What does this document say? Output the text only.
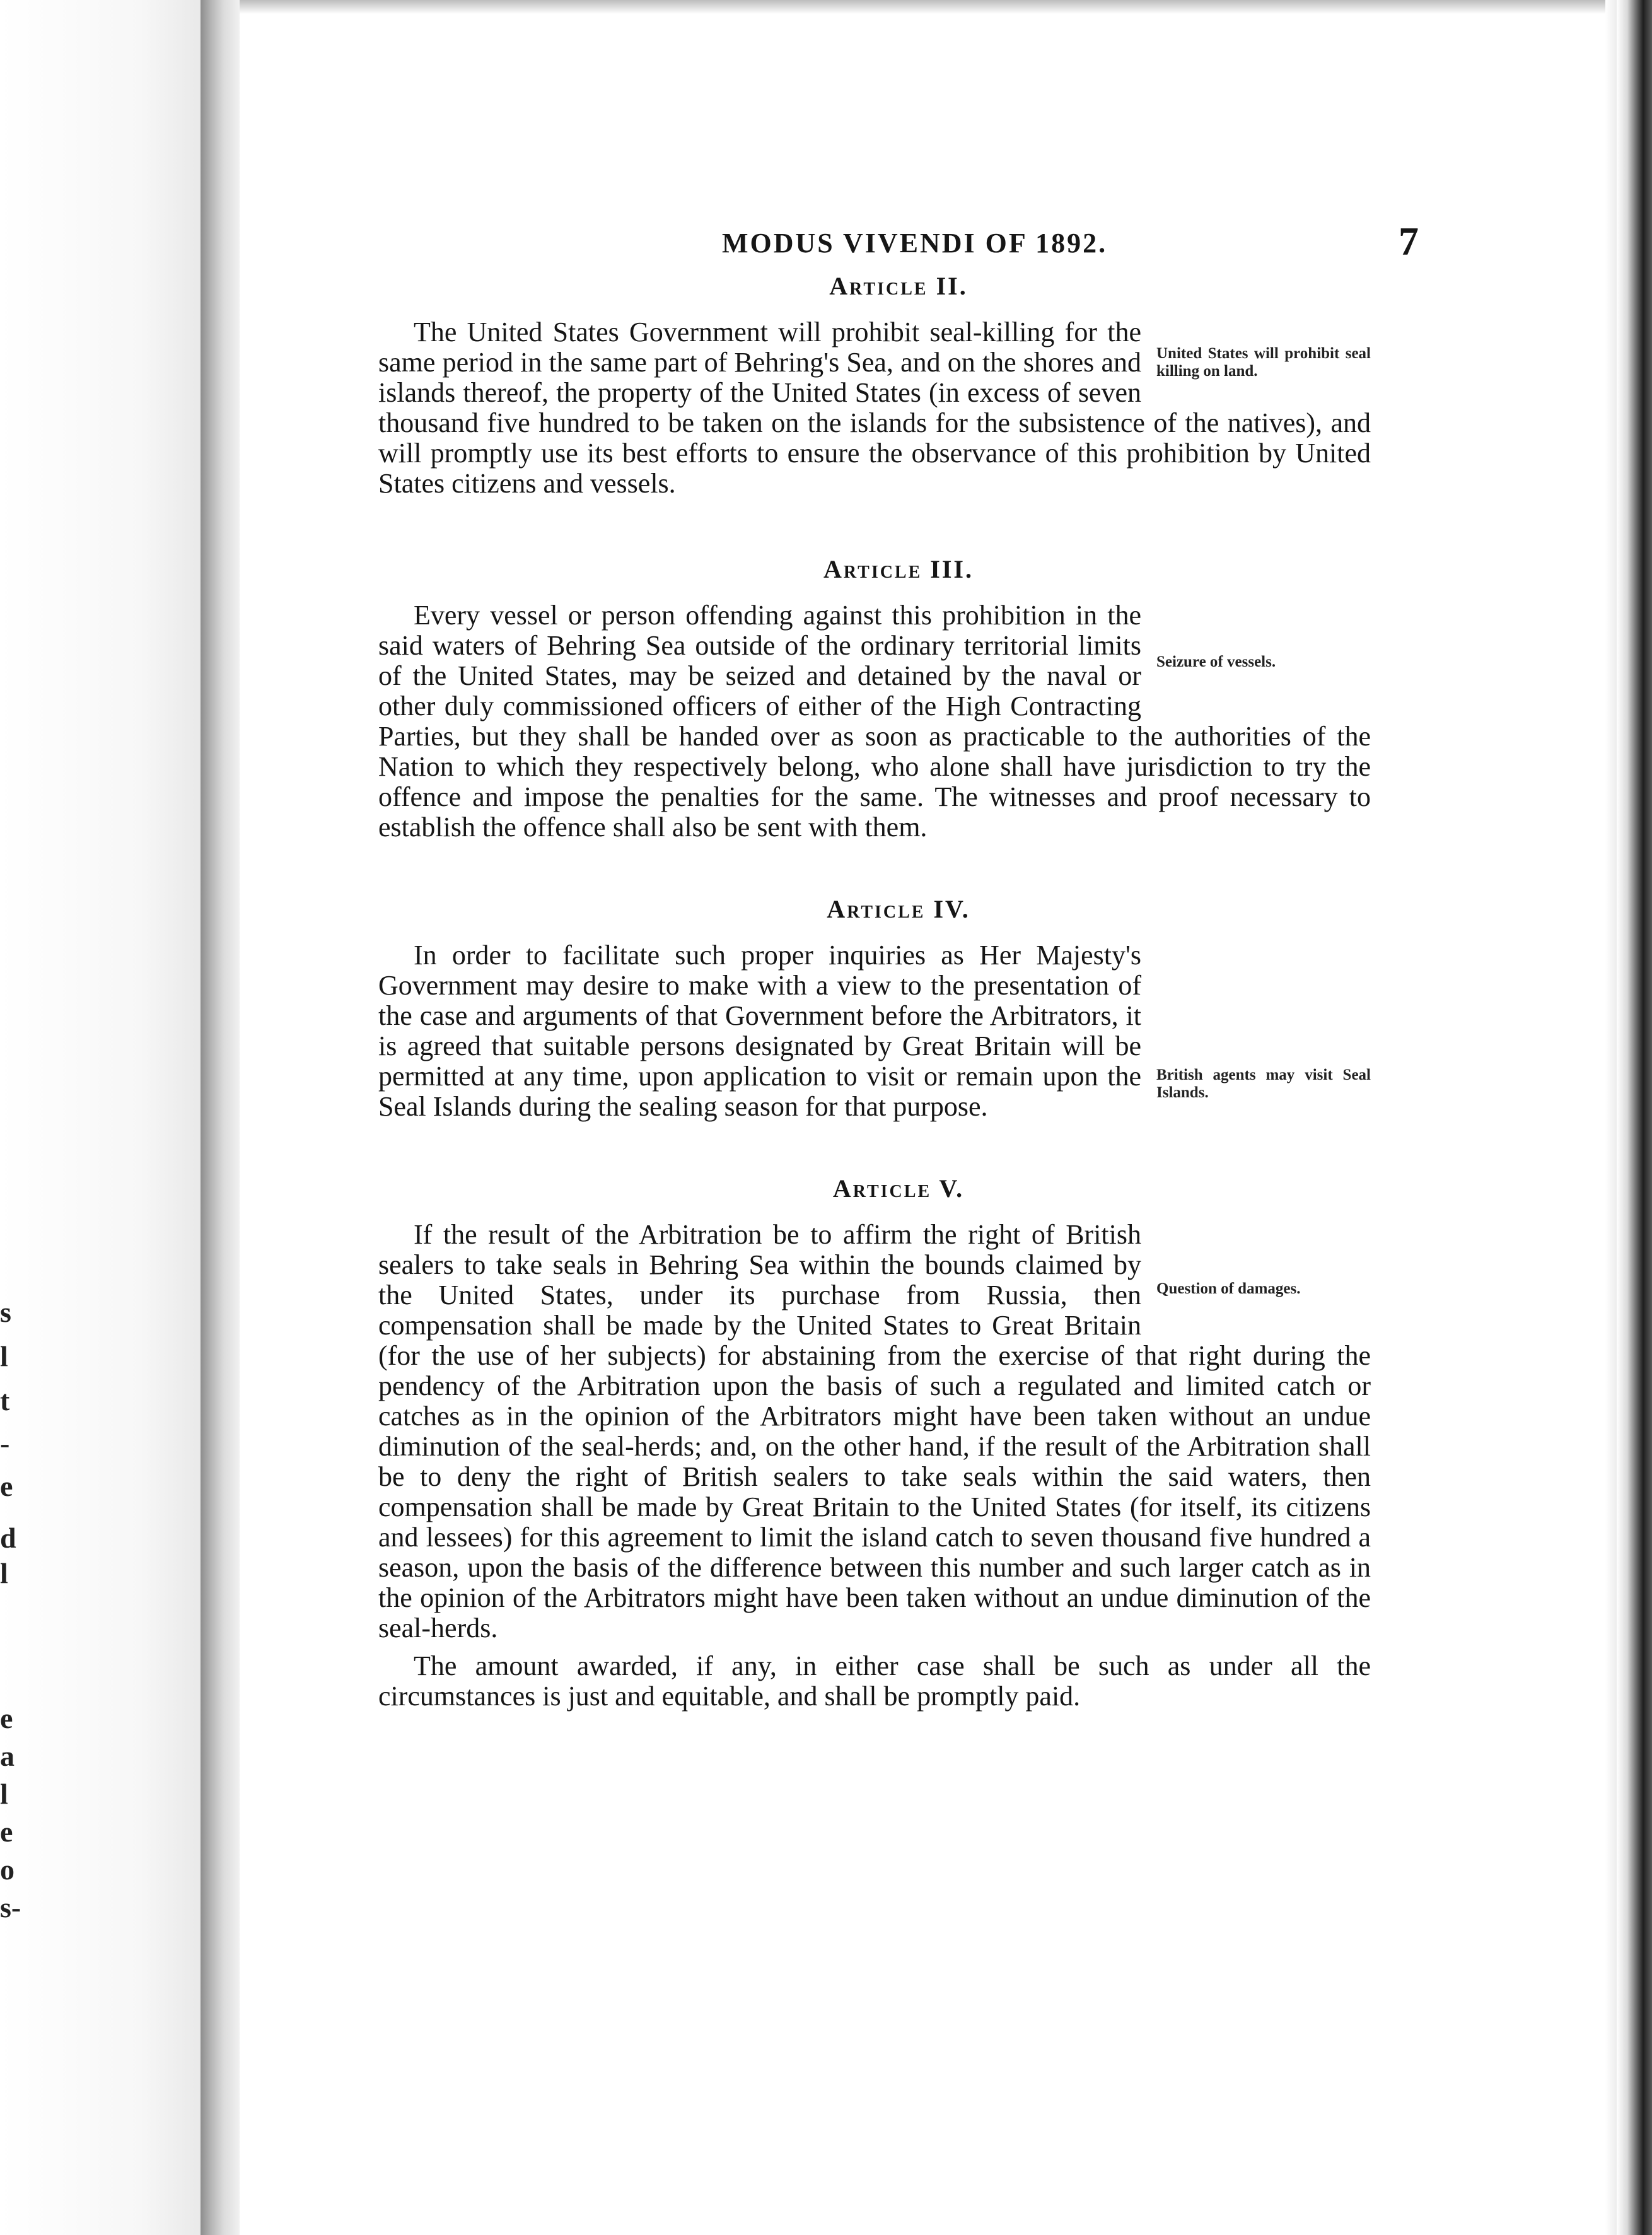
s
l
t
-
e
d
l
e
a
l
e
o
s-
MODUS VIVENDI OF 1892.	7
Article II.
United States will prohibit seal killing on land.

The United States Government will prohibit seal-killing for the same period in the same part of Behring's Sea, and on the shores and islands thereof, the property of the United States (in excess of seven thousand five hundred to be taken on the islands for the subsistence of the natives), and will promptly use its best efforts to ensure the observance of this prohibition by United States citizens and vessels.

Article III.
Seizure of vessels.

Every vessel or person offending against this prohibition in the said waters of Behring Sea outside of the ordinary territorial limits of the United States, may be seized and detained by the naval or other duly commissioned officers of either of the High Contracting Parties, but they shall be handed over as soon as practicable to the authorities of the Nation to which they respectively belong, who alone shall have jurisdiction to try the offence and impose the penalties for the same. The witnesses and proof necessary to establish the offence shall also be sent with them.

Article IV.
British agents may visit Seal Islands.

In order to facilitate such proper inquiries as Her Majesty's Government may desire to make with a view to the presentation of the case and arguments of that Government before the Arbitrators, it is agreed that suitable persons designated by Great Britain will be permitted at any time, upon application to visit or remain upon the Seal Islands during the sealing season for that purpose.

Article V.
Question of damages.

If the result of the Arbitration be to affirm the right of British sealers to take seals in Behring Sea within the bounds claimed by the United States, under its purchase from Russia, then compensation shall be made by the United States to Great Britain (for the use of her subjects) for abstaining from the exercise of that right during the pendency of the Arbitration upon the basis of such a regulated and limited catch or catches as in the opinion of the Arbitrators might have been taken without an undue diminution of the seal-herds; and, on the other hand, if the result of the Arbitration shall be to deny the right of British sealers to take seals within the said waters, then compensation shall be made by Great Britain to the United States (for itself, its citizens and lessees) for this agreement to limit the island catch to seven thousand five hundred a season, upon the basis of the difference between this number and such larger catch as in the opinion of the Arbitrators might have been taken without an undue diminution of the seal-herds.

The amount awarded, if any, in either case shall be such as under all the circumstances is just and equitable, and shall be promptly paid.
